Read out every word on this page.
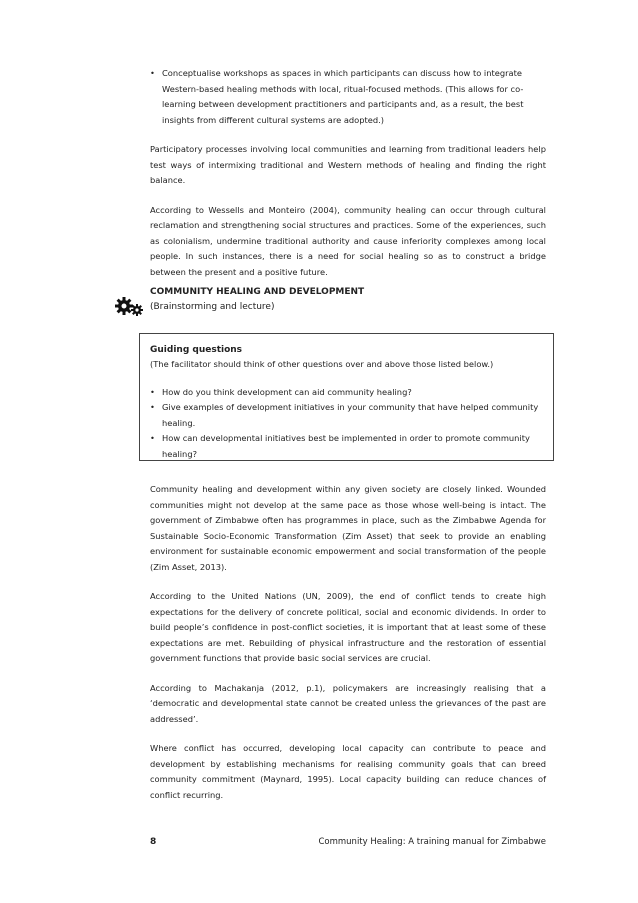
• Conceptualise workshops as spaces in which participants can discuss how to integrate Western-based healing methods with local, ritual-focused methods. (This allows for co-learning between development practitioners and participants and, as a result, the best insights from different cultural systems are adopted.)

Participatory processes involving local communities and learning from traditional leaders help test ways of intermixing traditional and Western methods of healing and finding the right balance.

According to Wessells and Monteiro (2004), community healing can occur through cultural reclamation and strengthening social structures and practices. Some of the experiences, such as colonialism, undermine traditional authority and cause inferiority complexes among local people. In such instances, there is a need for social healing so as to construct a bridge between the present and a positive future.

COMMUNITY HEALING AND DEVELOPMENT
(Brainstorming and lecture)
Guiding questions

(The facilitator should think of other questions over and above those listed below.)

• How do you think development can aid community healing?
• Give examples of development initiatives in your community that have helped community healing.
• How can developmental initiatives best be implemented in order to promote community healing?

Community healing and development within any given society are closely linked. Wounded communities might not develop at the same pace as those whose well-being is intact. The government of Zimbabwe often has programmes in place, such as the Zimbabwe Agenda for Sustainable Socio-Economic Transformation (Zim Asset) that seek to provide an enabling environment for sustainable economic empowerment and social transformation of the people (Zim Asset, 2013).

According to the United Nations (UN, 2009), the end of conflict tends to create high expectations for the delivery of concrete political, social and economic dividends. In order to build people’s confidence in post-conflict societies, it is important that at least some of these expectations are met. Rebuilding of physical infrastructure and the restoration of essential government functions that provide basic social services are crucial.

According to Machakanja (2012, p.1), policymakers are increasingly realising that a ‘democratic and developmental state cannot be created unless the grievances of the past are addressed’.

Where conflict has occurred, developing local capacity can contribute to peace and development by establishing mechanisms for realising community goals that can breed community commitment (Maynard, 1995). Local capacity building can reduce chances of conflict recurring.

8	Community Healing: A training manual for Zimbabwe
